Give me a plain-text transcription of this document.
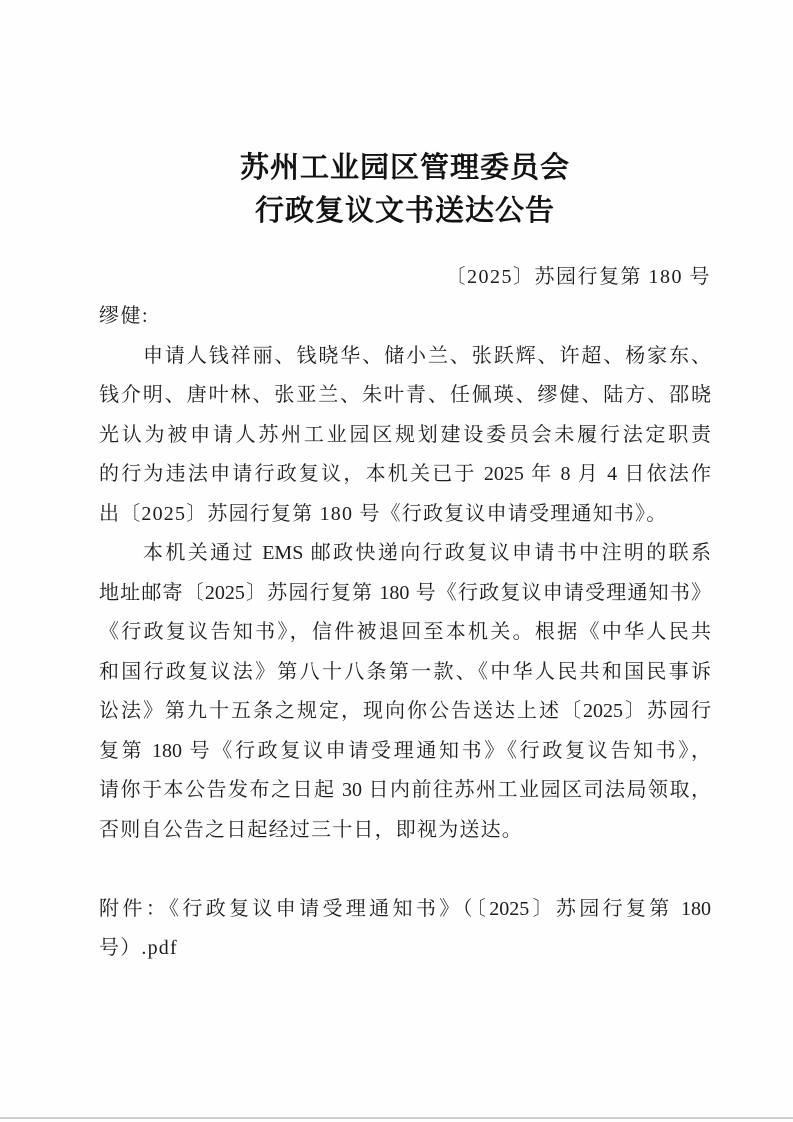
苏州工业园区管理委员会
行政复议文书送达公告
〔2025〕苏园行复第 180 号
缪健:
申请人钱祥丽、钱晓华、储小兰、张跃辉、许超、杨家东、
钱介明、唐叶林、张亚兰、朱叶青、任佩瑛、缪健、陆方、邵晓
光认为被申请人苏州工业园区规划建设委员会未履行法定职责
的行为违法申请行政复议，本机关已于 2025 年 8 月 4 日依法作
出〔2025〕苏园行复第 180 号《行政复议申请受理通知书》。
本机关通过 EMS 邮政快递向行政复议申请书中注明的联系
地址邮寄〔2025〕苏园行复第 180 号《行政复议申请受理通知书》
《行政复议告知书》，信件被退回至本机关。根据《中华人民共
和国行政复议法》第八十八条第一款、《中华人民共和国民事诉
讼法》第九十五条之规定，现向你公告送达上述〔2025〕苏园行
复第 180 号《行政复议申请受理通知书》《行政复议告知书》，
请你于本公告发布之日起 30 日内前往苏州工业园区司法局领取，
否则自公告之日起经过三十日，即视为送达。
附件：《行政复议申请受理通知书》（〔2025〕苏园行复第 180
号）.pdf
